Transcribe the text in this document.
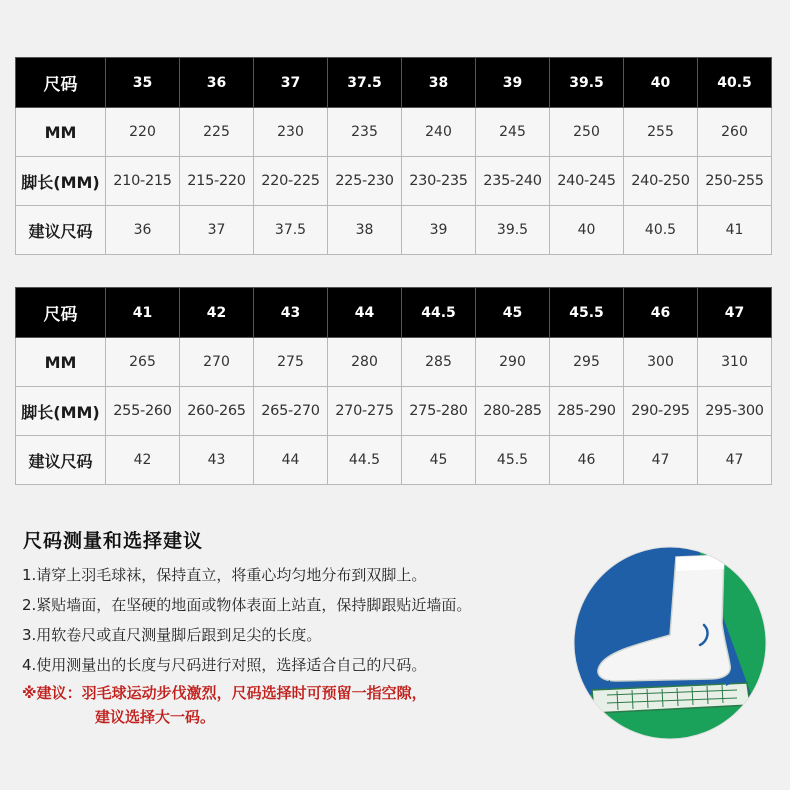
尺码	35	36	37	37.5	38	39	39.5	40	40.5
MM	220	225	230	235	240	245	250	255	260
脚长(MM)	210-215	215-220	220-225	225-230	230-235	235-240	240-245	240-250	250-255
建议尺码	36	37	37.5	38	39	39.5	40	40.5	41
尺码	41	42	43	44	44.5	45	45.5	46	47
MM	265	270	275	280	285	290	295	300	310
脚长(MM)	255-260	260-265	265-270	270-275	275-280	280-285	285-290	290-295	295-300
建议尺码	42	43	44	44.5	45	45.5	46	47	47
尺码测量和选择建议
1.请穿上羽毛球袜，保持直立，将重心均匀地分布到双脚上。
2.紧贴墙面，在坚硬的地面或物体表面上站直，保持脚跟贴近墙面。
3.用软卷尺或直尺测量脚后跟到足尖的长度。
4.使用测量出的长度与尺码进行对照，选择适合自己的尺码。
※建议：羽毛球运动步伐激烈，尺码选择时可预留一指空隙，
建议选择大一码。
